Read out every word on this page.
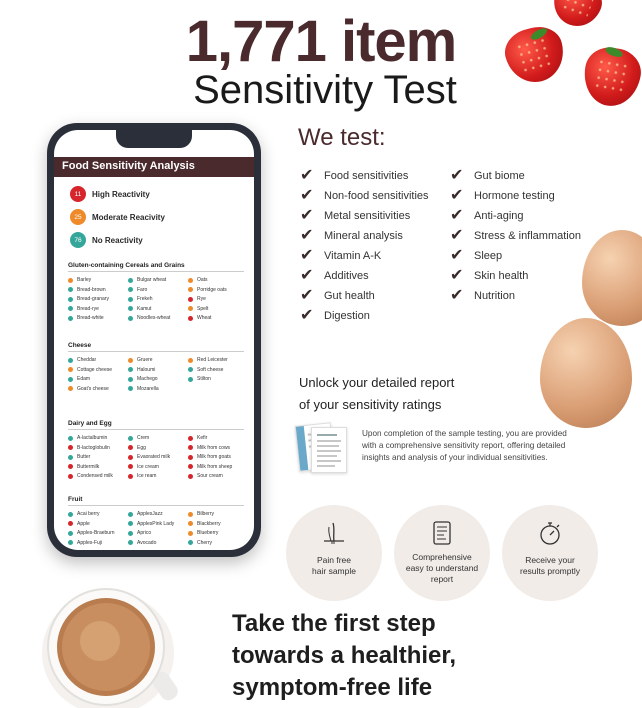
1,771 item
Sensitivity Test
Food Sensitivity Analysis
11	High Reactivity
25	Moderate Reacivity
76	No Reactivity
Gluten-containing Cereals and Grains
Barley	Bulgar wheat	Oats
Bread-brown	Faro	Porridge oats
Bread-granary	Frekeh	Rye
Bread-rye	Kamut	Spelt
Bread-white	Noodles-wheat	Wheat
Cheese
Cheddar	Gruere	Red Leicester
Cottage cheese	Haloumi	Soft cheese
Edam	Machego	Stilton
Goat's cheese	Mozarella
Dairy and Egg
A-lactalbumin	Crem	Kefir
B-lactoglobulin	Egg	Milk from cows
Butter	Evaorated milk	Milk from goats
Buttermilk	Ice cream	Milk from sheep
Condensed milk	Ice ream	Sour cream
Fruit
Acai berry	ApplesJazz	Bilberry
Apple	ApplesPink Lady	Blackberry
Apples-Braeburn	Aprico	Blueberry
Apples-Fuji	Avocado	Cherry
We test:
✔ Food sensitivities
✔ Non-food sensitivities
✔ Metal sensitivities
✔ Mineral analysis
✔ Vitamin A-K
✔ Additives
✔ Gut health
✔ Digestion
✔ Gut biome
✔ Hormone testing
✔ Anti-aging
✔ Stress & inflammation
✔ Sleep
✔ Skin health
✔ Nutrition
Unlock your detailed report
of your sensitivity ratings
Upon completion of the sample testing, you are provided with a comprehensive sensitivity report, offering detailed insights and analysis of your individual sensitivities.
Pain free
hair sample
Comprehensive
easy to understand
report
Receive your
results promptly
Take the first step
towards a healthier,
symptom-free life
